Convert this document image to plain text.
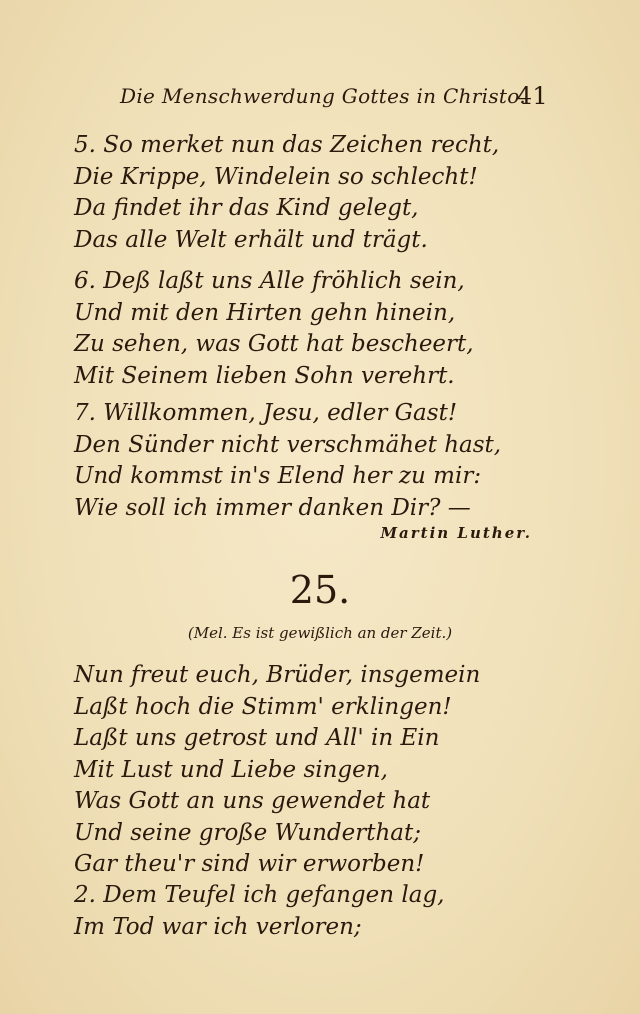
Die Menschwerdung Gottes in Christo.
41
5. So merket nun das Zeichen recht,
Die Krippe, Windelein so schlecht!
Da findet ihr das Kind gelegt,
Das alle Welt erhält und trägt.
6. Deß laßt uns Alle fröhlich sein,
Und mit den Hirten gehn hinein,
Zu sehen, was Gott hat bescheert,
Mit Seinem lieben Sohn verehrt.
7. Willkommen, Jesu, edler Gast!
Den Sünder nicht verschmähet hast,
Und kommst in's Elend her zu mir:
Wie soll ich immer danken Dir? —
Martin Luther.
25.
(Mel. Es ist gewißlich an der Zeit.)
Nun freut euch, Brüder, insgemein
Laßt hoch die Stimm' erklingen!
Laßt uns getrost und All' in Ein
Mit Lust und Liebe singen,
Was Gott an uns gewendet hat
Und seine große Wunderthat;
Gar theu'r sind wir erworben!
2. Dem Teufel ich gefangen lag,
Im Tod war ich verloren;
